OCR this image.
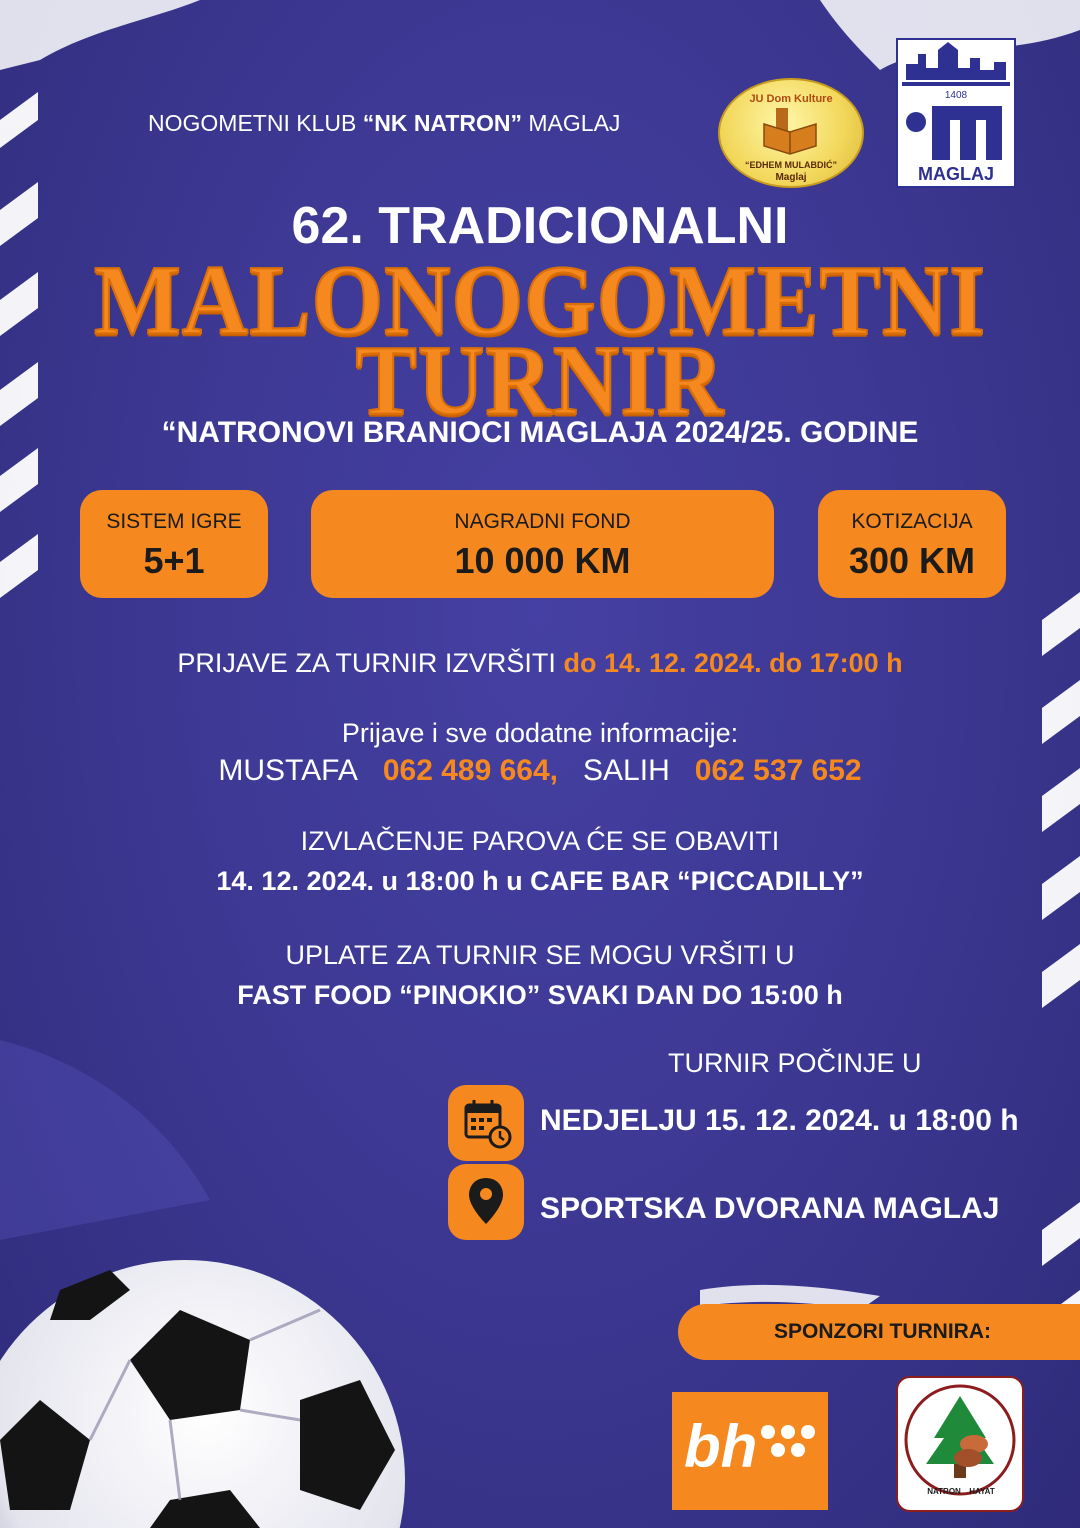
NOGOMETNI KLUB “NK NATRON” MAGLAJ
JU Dom Kulture
“EDHEM MULABDIĆ”
Maglaj
1408
MAGLAJ
62. TRADICIONALNI
MALONOGOMETNI
TURNIR
“NATRONOVI BRANIOCI MAGLAJA 2024/25. GODINE
SISTEM IGRE
5+1
NAGRADNI FOND
10 000 KM
KOTIZACIJA
300 KM
PRIJAVE ZA TURNIR IZVRŠITI do 14. 12. 2024. do 17:00 h
Prijave i sve dodatne informacije:
MUSTAFA 062 489 664, SALIH 062 537 652
IZVLAČENJE PAROVA ĆE SE OBAVITI
14. 12. 2024. u 18:00 h u CAFE BAR “PICCADILLY”
UPLATE ZA TURNIR SE MOGU VRŠITI U
FAST FOOD “PINOKIO” SVAKI DAN DO 15:00 h
TURNIR POČINJE U
NEDJELJU 15. 12. 2024. u 18:00 h
SPORTSKA DVORANA MAGLAJ
SPONZORI TURNIRA:
bh
NATRON HAYAT
